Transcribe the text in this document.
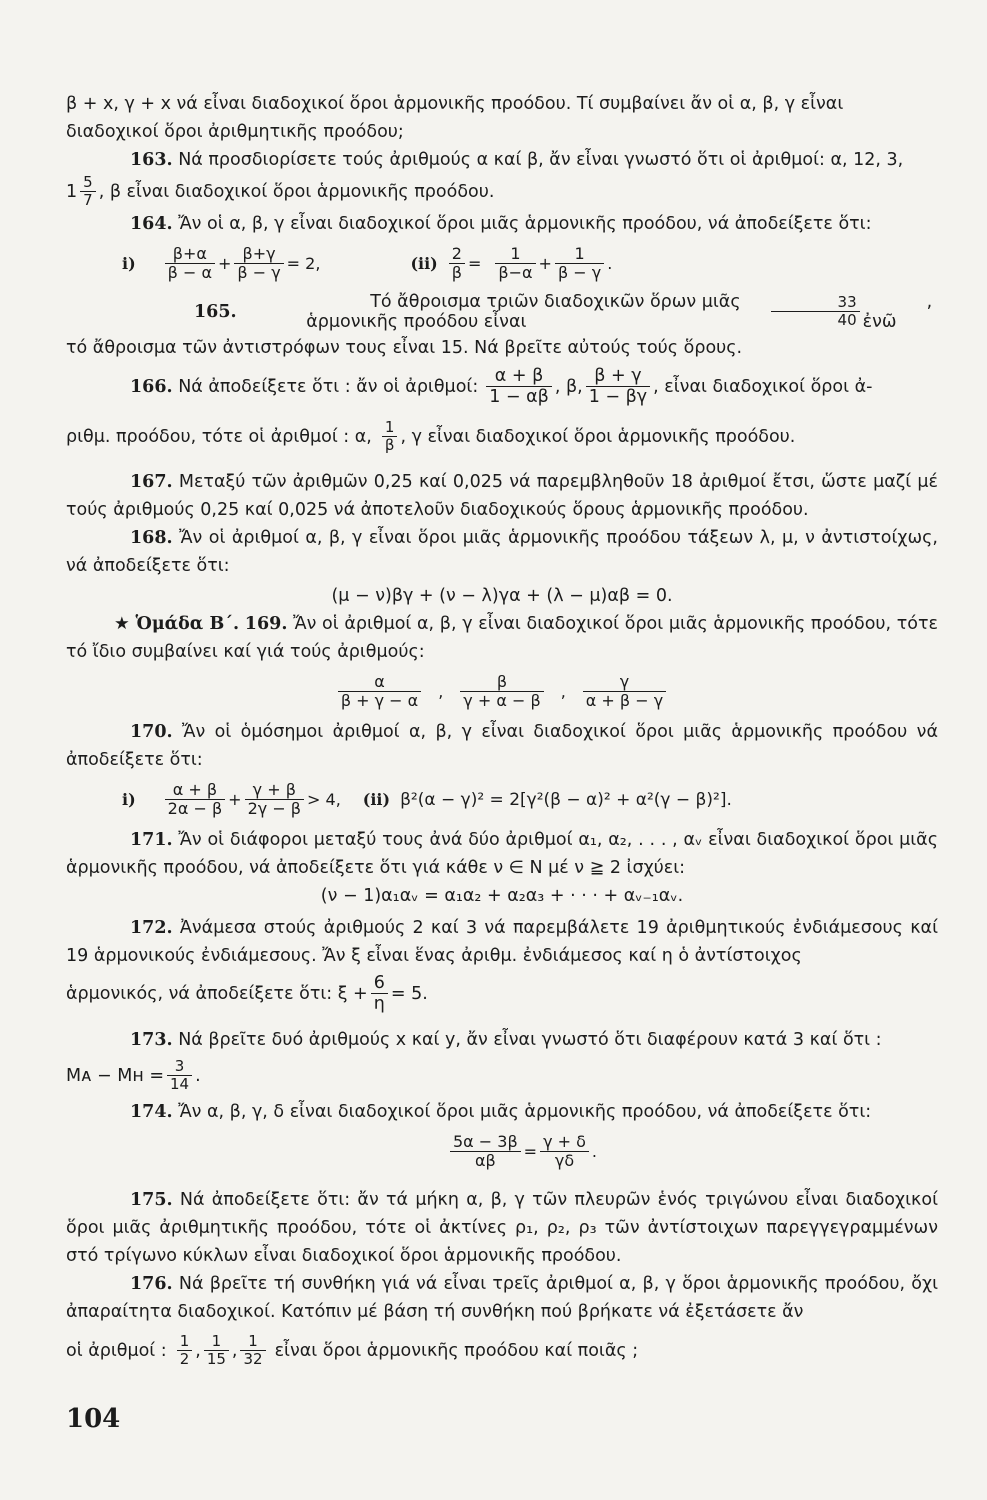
β + x, γ + x νά εἶναι διαδοχικοί ὅροι ἁρμονικῆς προόδου. Τί συμβαίνει ἄν οἱ α, β, γ εἶναι

διαδοχικοί ὅροι ἀριθμητικῆς προόδου;

163. Νά προσδιορίσετε τούς ἀριθμούς α καί β, ἄν εἶναι γνωστό ὅτι οἱ ἀριθμοί: α, 12, 3,

$1 \frac{5}{7}$ , β εἶναι διαδοχικοί ὅροι ἁρμονικῆς προόδου.

164. Ἄν οἱ α, β, γ εἶναι διαδοχικοί ὅροι μιᾶς ἁρμονικῆς προόδου, νά ἀποδείξετε ὅτι:

$i) \frac{\beta+\alpha}{\beta - \alpha} + \frac{\beta+\gamma}{\beta - \gamma} = 2$,	$(ii) \frac{2}{\beta} = \frac{1}{\beta-\alpha} + \frac{1}{\beta - \gamma}$ .
165.
	Τό ἄθροισμα τριῶν διαδοχικῶν ὅρων μιᾶς ἁρμονικῆς προόδου εἶναι	$\frac{33}{40}$	, ἐνῶ

τό ἄθροισμα τῶν ἀντιστρόφων τους εἶναι 15. Νά βρεῖτε αὐτούς τούς ὅρους.

166.
Νά ἀποδείξετε ὅτι : ἄν οἱ ἀριθμοί: $\frac{\alpha + \beta}{1 - \alpha\beta}$ , β, $\frac{\beta + \gamma}{1 - \beta\gamma}$ , εἶναι διαδοχικοί ὅροι ἀ-
ριθμ. προόδου, τότε οἱ ἀριθμοί : α, $\frac{1}{\beta}$ , γ εἶναι διαδοχικοί ὅροι ἁρμονικῆς προόδου.

167. Μεταξύ τῶν ἀριθμῶν 0,25 καί 0,025 νά παρεμβληθοῦν 18 ἀριθμοί ἔτσι, ὥστε μαζί μέ τούς ἀριθμούς 0,25 καί 0,025 νά ἀποτελοῦν διαδοχικούς ὅρους ἁρμονικῆς προόδου.

168. Ἄν οἱ ἀριθμοί α, β, γ εἶναι ὅροι μιᾶς ἁρμονικῆς προόδου τάξεων λ, μ, ν ἀντιστοίχως, νά ἀποδείξετε ὅτι:

(μ − ν)βγ + (ν − λ)γα + (λ − μ)αβ = 0.

★ Ὁμάδα Β΄. 169. Ἄν οἱ ἀριθμοί α, β, γ εἶναι διαδοχικοί ὅροι μιᾶς ἁρμονικῆς προόδου, τότε τό ἴδιο συμβαίνει καί γιά τούς ἀριθμούς:

$\frac{\alpha}{\beta + \gamma - \alpha}$ , $\frac{\beta}{\gamma + \alpha - \beta}$ , $\frac{\gamma}{\alpha + \beta - \gamma}$

170. Ἄν οἱ ὁμόσημοι ἀριθμοί α, β, γ εἶναι διαδοχικοί ὅροι μιᾶς ἁρμονικῆς προόδου νά ἀποδείξετε ὅτι:

$i) \frac{\alpha + \beta}{2\alpha - \beta} + \frac{\gamma + \beta}{2\gamma - \beta} > 4$, (ii) β²(α − γ)² = 2[γ²(β − α)² + α²(γ − β)²].

171. Ἄν οἱ διάφοροι μεταξύ τους ἀνά δύο ἀριθμοί α₁, α₂, . . . , αᵥ εἶναι διαδοχικοί ὅροι μιᾶς ἁρμονικῆς προόδου, νά ἀποδείξετε ὅτι γιά κάθε ν ∈ Ν μέ ν ≧ 2 ἰσχύει:

(ν − 1)α₁αᵥ = α₁α₂ + α₂α₃ + · · · + αᵥ₋₁αᵥ.

172. Ἀνάμεσα στούς ἀριθμούς 2 καί 3 νά παρεμβάλετε 19 ἀριθμητικούς ἐνδιάμεσους καί 19 ἁρμονικούς ἐνδιάμεσους. Ἄν ξ εἶναι ἕνας ἀριθμ. ἐνδιάμεσος καί η ὁ ἀντίστοιχος

ἁρμονικός, νά ἀποδείξετε ὅτι: $\xi + \frac{6}{\eta} = 5$.

173. Νά βρεῖτε δυό ἀριθμούς x καί y, ἄν εἶναι γνωστό ὅτι διαφέρουν κατά 3 καί ὅτι :

Mᴀ − Mʜ = $\frac{3}{14}$ .

174. Ἄν α, β, γ, δ εἶναι διαδοχικοί ὅροι μιᾶς ἁρμονικῆς προόδου, νά ἀποδείξετε ὅτι:

$\frac{5\alpha - 3\beta}{\alpha\beta} = \frac{\gamma + \delta}{\gamma\delta}$ .

175. Νά ἀποδείξετε ὅτι: ἄν τά μήκη α, β, γ τῶν πλευρῶν ἑνός τριγώνου εἶναι διαδοχικοί ὅροι μιᾶς ἀριθμητικῆς προόδου, τότε οἱ ἀκτίνες ρ₁, ρ₂, ρ₃ τῶν ἀντίστοιχων παρεγγεγραμμένων στό τρίγωνο κύκλων εἶναι διαδοχικοί ὅροι ἁρμονικῆς προόδου.

176. Νά βρεῖτε τή συνθήκη γιά νά εἶναι τρεῖς ἀριθμοί α, β, γ ὅροι ἁρμονικῆς προόδου, ὄχι ἀπαραίτητα διαδοχικοί. Κατόπιν μέ βάση τή συνθήκη πού βρήκατε νά ἐξετάσετε ἄν

οἱ ἀριθμοί : $\frac{1}{2}$ , $\frac{1}{15}$ , $\frac{1}{32}$ εἶναι ὅροι ἁρμονικῆς προόδου καί ποιᾶς ;
104
